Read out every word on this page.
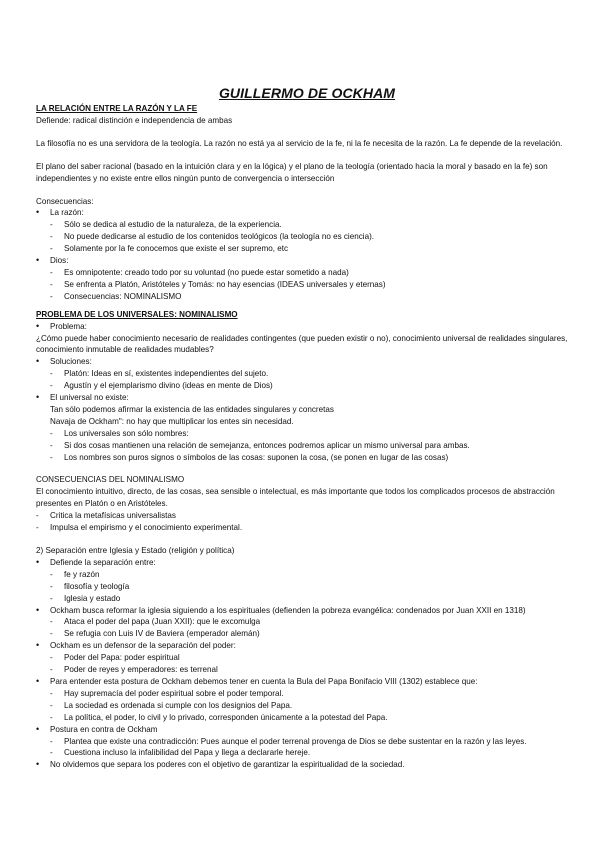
GUILLERMO DE OCKHAM
LA RELACIÓN ENTRE LA RAZÓN Y LA FE
Defiende: radical distinción e independencia de ambas

La filosofía no es una servidora de la teología. La razón no está ya al servicio de la fe, ni la fe necesita de la razón. La fe depende de la revelación.

El plano del saber racional (basado en la intuición clara y en la lógica) y el plano de la teología (orientado hacia la moral y basado en la fe) son independientes y no existe entre ellos ningún punto de convergencia o intersección

Consecuencias:
• La razón:
- Sólo se dedica al estudio de la naturaleza, de la experiencia.
- No puede dedicarse al estudio de los contenidos teológicos (la teología no es ciencia).
- Solamente por la fe conocemos que existe el ser supremo, etc
• Dios:
- Es omnipotente: creado todo por su voluntad (no puede estar sometido a nada)
- Se enfrenta a Platón, Aristóteles y Tomás: no hay esencias (IDEAS universales y eternas)
- Consecuencias: NOMINALISMO
PROBLEMA DE LOS UNIVERSALES: NOMINALISMO
• Problema:

¿Cómo puede haber conocimiento necesario de realidades contingentes (que pueden existir o no), conocimiento universal de realidades singulares, conocimiento inmutable de realidades mudables?

• Soluciones:
- Platón: Ideas en sí, existentes independientes del sujeto.
- Agustín y el ejemplarismo divino (ideas en mente de Dios)
• El universal no existe:
Tan sólo podemos afirmar la existencia de las entidades singulares y concretas
Navaja de Ockham": no hay que multiplicar los entes sin necesidad.
- Los universales son sólo nombres:
- Si dos cosas mantienen una relación de semejanza, entonces podremos aplicar un mismo universal para ambas.
- Los nombres son puros signos o símbolos de las cosas: suponen la cosa, (se ponen en lugar de las cosas)
CONSECUENCIAS DEL NOMINALISMO

El conocimiento intuitivo, directo, de las cosas, sea sensible o intelectual, es más importante que todos los complicados procesos de abstracción presentes en Platón o en Aristóteles.

- Critica la metafísicas universalistas
- Impulsa el empirismo y el conocimiento experimental.
2) Separación entre Iglesia y Estado (religión y política)
• Defiende la separación entre:
- fe y razón
- filosofía y teología
- Iglesia y estado
• Ockham busca reformar la iglesia siguiendo a los espirituales (defienden la pobreza evangélica: condenados por Juan XXII en 1318)
- Ataca el poder del papa (Juan XXII): que le excomulga
- Se refugia con Luis IV de Baviera (emperador alemán)
• Ockham es un defensor de la separación del poder:
- Poder del Papa: poder espiritual
- Poder de reyes y emperadores: es terrenal
• Para entender esta postura de Ockham debemos tener en cuenta la Bula del Papa Bonifacio VIII (1302) establece que:
- Hay supremacía del poder espiritual sobre el poder temporal.
- La sociedad es ordenada si cumple con los designios del Papa.
- La política, el poder, lo civil y lo privado, corresponden únicamente a la potestad del Papa.
• Postura en contra de Ockham
- Plantea que existe una contradicción: Pues aunque el poder terrenal provenga de Dios se debe sustentar en la razón y las leyes.
- Cuestiona incluso la infalibilidad del Papa y llega a declararle hereje.
• No olvidemos que separa los poderes con el objetivo de garantizar la espiritualidad de la sociedad.
